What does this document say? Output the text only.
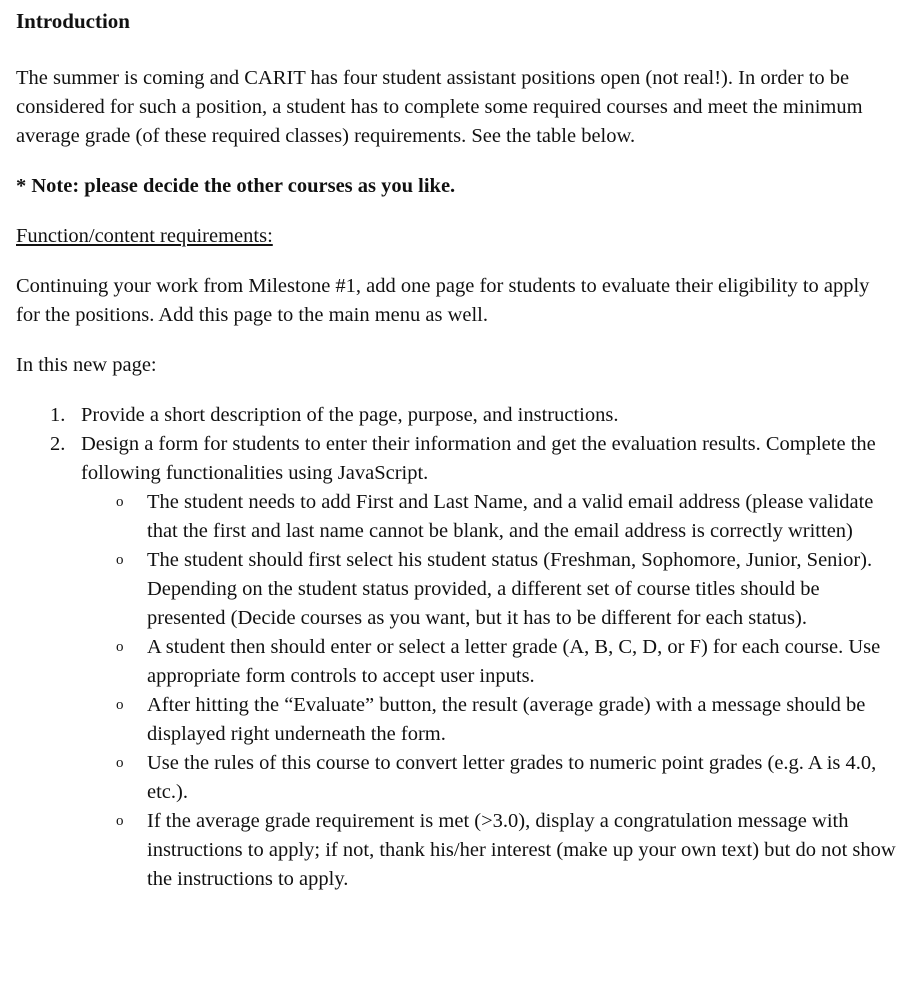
Introduction

The summer is coming and CARIT has four student assistant positions open (not real!). In order to be considered for such a position, a student has to complete some required courses and meet the minimum average grade (of these required classes) requirements. See the table below.

* Note: please decide the other courses as you like.

Function/content requirements:

Continuing your work from Milestone #1, add one page for students to evaluate their eligibility to apply for the positions. Add this page to the main menu as well.

In this new page:

1. Provide a short description of the page, purpose, and instructions.
2. Design a form for students to enter their information and get the evaluation results. Complete the following functionalities using JavaScript.
o The student needs to add First and Last Name, and a valid email address (please validate that the first and last name cannot be blank, and the email address is correctly written)
o The student should first select his student status (Freshman, Sophomore, Junior, Senior). Depending on the student status provided, a different set of course titles should be presented (Decide courses as you want, but it has to be different for each status).
o A student then should enter or select a letter grade (A, B, C, D, or F) for each course. Use appropriate form controls to accept user inputs.
o After hitting the “Evaluate” button, the result (average grade) with a message should be displayed right underneath the form.
o Use the rules of this course to convert letter grades to numeric point grades (e.g. A is 4.0, etc.).
o If the average grade requirement is met (>3.0), display a congratulation message with instructions to apply; if not, thank his/her interest (make up your own text) but do not show the instructions to apply.
